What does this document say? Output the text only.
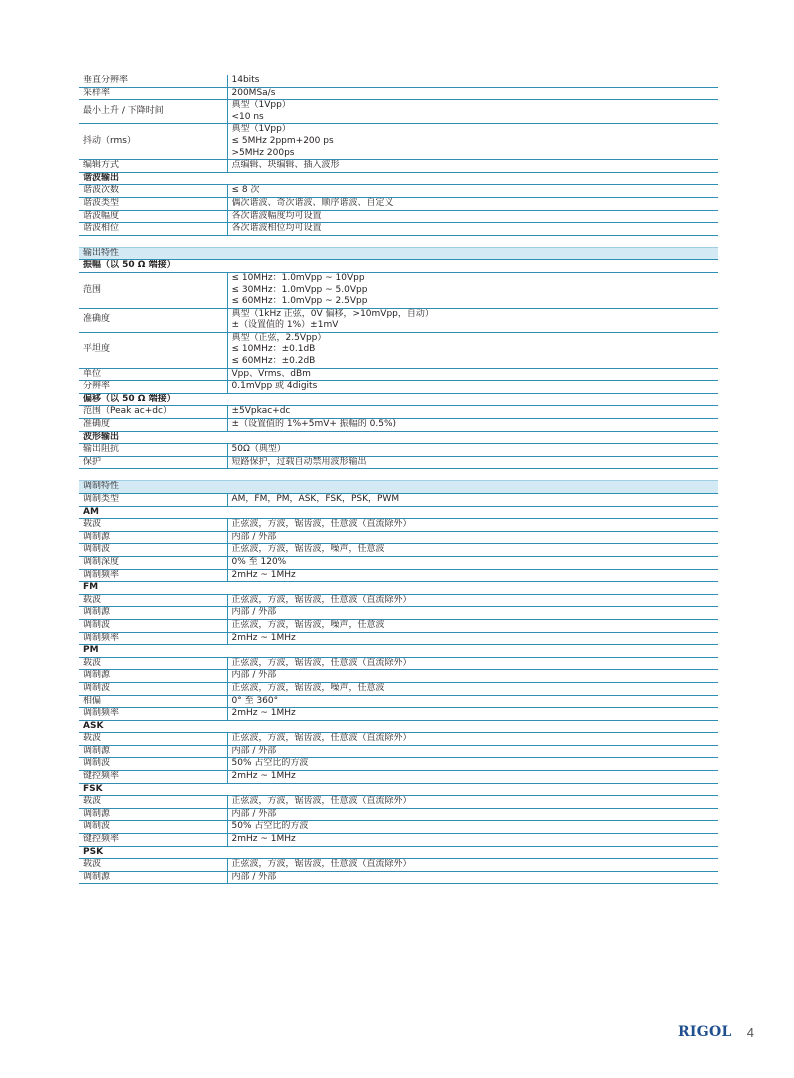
垂直分辨率	14bits

采样率	200MSa/s

最小上升 / 下降时间	典型（1Vpp）
<10 ns

抖动（rms）	典型（1Vpp）
≤ 5MHz 2ppm+200 ps
>5MHz 200ps

编辑方式	点编辑、块编辑、插入波形

谐波输出	
谐波次数	≤ 8 次

谐波类型	偶次谐波、奇次谐波、顺序谐波、自定义

谐波幅度	各次谐波幅度均可设置

谐波相位	各次谐波相位均可设置

输出特性	
振幅（以 50 Ω 端接）	
范围	≤ 10MHz：1.0mVpp ~ 10Vpp
≤ 30MHz：1.0mVpp ~ 5.0Vpp
≤ 60MHz：1.0mVpp ~ 2.5Vpp

准确度	典型（1kHz 正弦，0V 偏移，>10mVpp，自动）
±（设置值的 1%）±1mV

平坦度	典型（正弦，2.5Vpp）
≤ 10MHz：±0.1dB
≤ 60MHz：±0.2dB

单位	Vpp、Vrms、dBm

分辨率	0.1mVpp 或 4digits

偏移（以 50 Ω 端接）	
范围（Peak ac+dc）	±5Vpkac+dc

准确度	±（设置值的 1%+5mV+ 振幅的 0.5%)

波形输出	
输出阻抗	50Ω（典型）

保护	短路保护，过载自动禁用波形输出

调制特性	
调制类型	AM，FM，PM，ASK，FSK，PSK，PWM

AM	
载波	正弦波，方波，锯齿波，任意波（直流除外）

调制源	内部 / 外部

调制波	正弦波，方波，锯齿波，噪声，任意波

调制深度	0% 至 120%

调制频率	2mHz ~ 1MHz

FM	
载波	正弦波，方波，锯齿波，任意波（直流除外）

调制源	内部 / 外部

调制波	正弦波，方波，锯齿波，噪声，任意波

调制频率	2mHz ~ 1MHz

PM	
载波	正弦波，方波，锯齿波，任意波（直流除外）

调制源	内部 / 外部

调制波	正弦波，方波，锯齿波，噪声，任意波

相偏	0° 至 360°

调制频率	2mHz ~ 1MHz

ASK	
载波	正弦波，方波，锯齿波，任意波（直流除外）

调制源	内部 / 外部

调制波	50% 占空比的方波

键控频率	2mHz ~ 1MHz

FSK	
载波	正弦波，方波，锯齿波，任意波（直流除外）

调制源	内部 / 外部

调制波	50% 占空比的方波

键控频率	2mHz ~ 1MHz

PSK	
载波	正弦波，方波，锯齿波，任意波（直流除外）

调制源	内部 / 外部
RIGOL 4
